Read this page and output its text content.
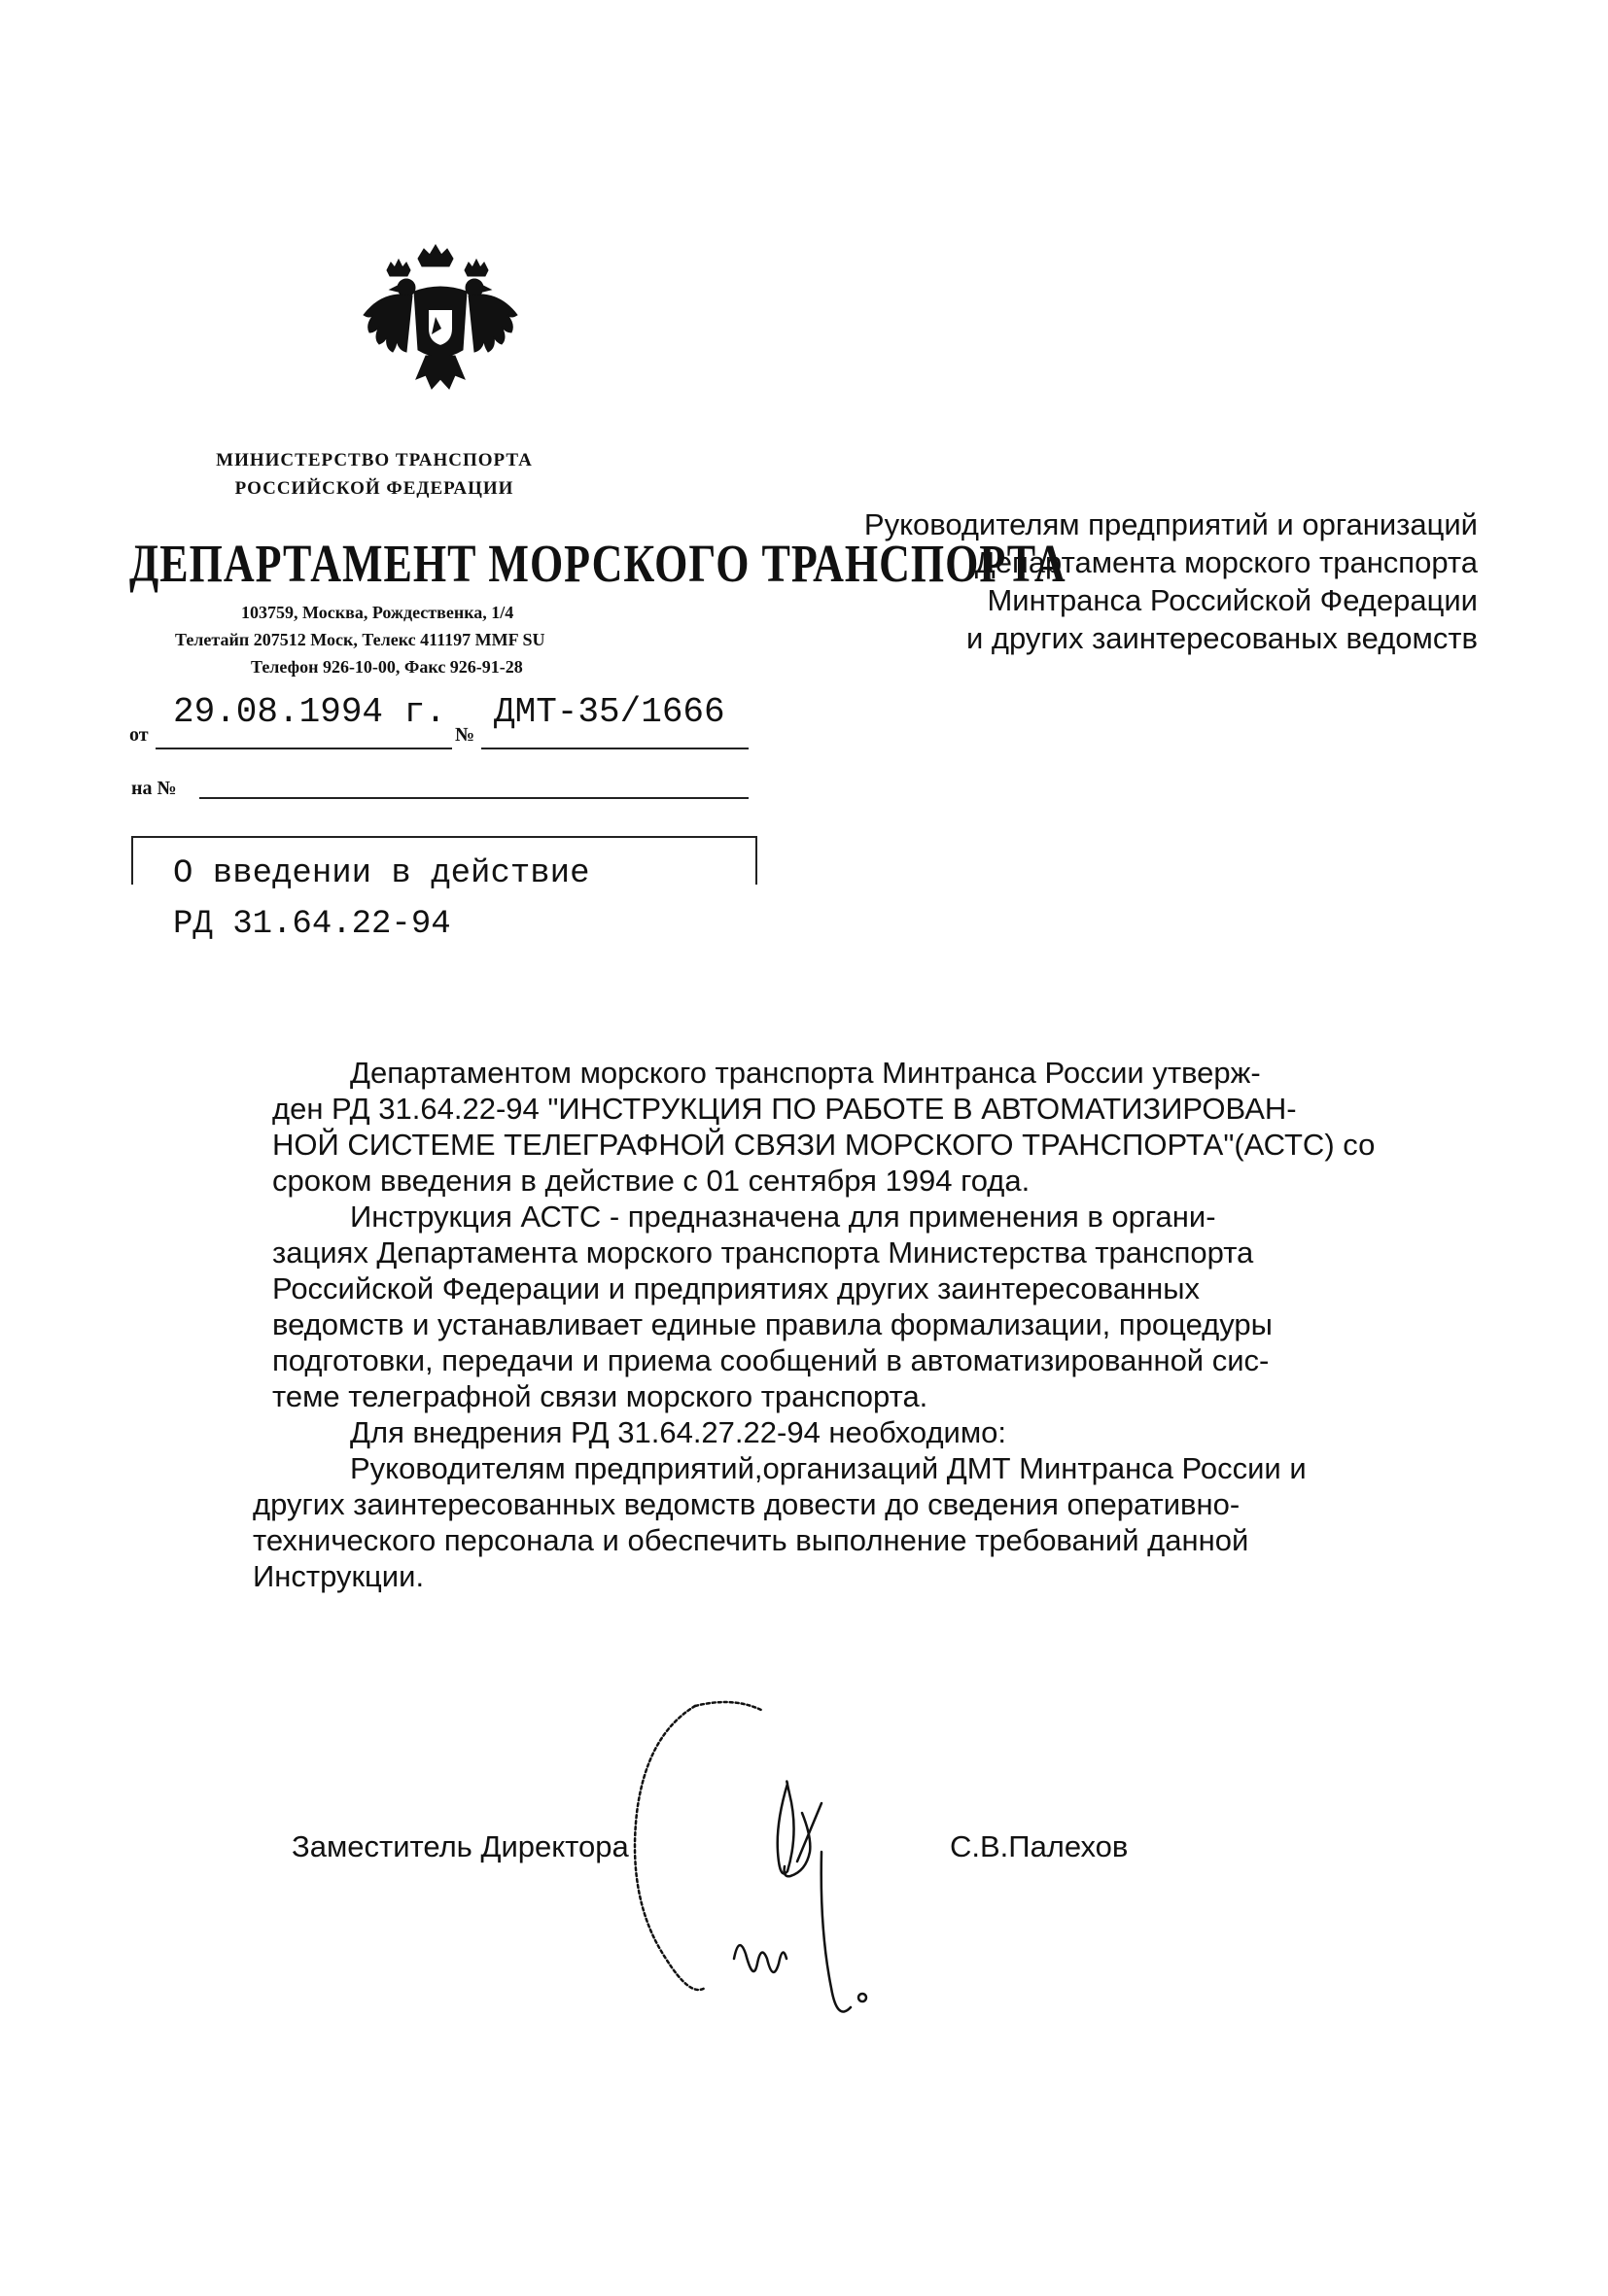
МИНИСТЕРСТВО ТРАНСПОРТА
РОССИЙСКОЙ ФЕДЕРАЦИИ
ДЕПАРТАМЕНТ МОРСКОГО ТРАНСПОРТА
103759, Москва, Рождественка, 1/4
Телетайп 207512 Моск, Телекс 411197 MMF SU
Телефон 926-10-00, Факс 926-91-28
от
29.08.1994 г.
№
ДМТ-35/1666
на №
О введении в действие
РД 31.64.22-94
Руководителям предприятий и организаций
Департамента морского транспорта
Минтранса Российской Федерации
и других заинтересованых ведомств

Департаментом морского транспорта Минтранса России утверж-
ден РД 31.64.22-94 "ИНСТРУКЦИЯ ПО РАБОТЕ В АВТОМАТИЗИРОВАН-
НОЙ СИСТЕМЕ ТЕЛЕГРАФНОЙ СВЯЗИ МОРСКОГО ТРАНСПОРТА"(АСТС) со
сроком введения в действие с 01 сентября 1994 года.

Инструкция АСТС - предназначена для применения в органи-
зациях Департамента морского транспорта Министерства транспорта
Российской Федерации и предприятиях других заинтересованных
ведомств и устанавливает единые правила формализации, процедуры
подготовки, передачи и приема сообщений в автоматизированной сис-
теме телеграфной связи морского транспорта.

Для внедрения РД 31.64.27.22-94 необходимо:

Руководителям предприятий,организаций ДМТ Минтранса России и
других заинтересованных ведомств довести до сведения оперативно-
технического персонала и обеспечить выполнение требований данной
Инструкции.

Заместитель Директора	С.В.Палехов
